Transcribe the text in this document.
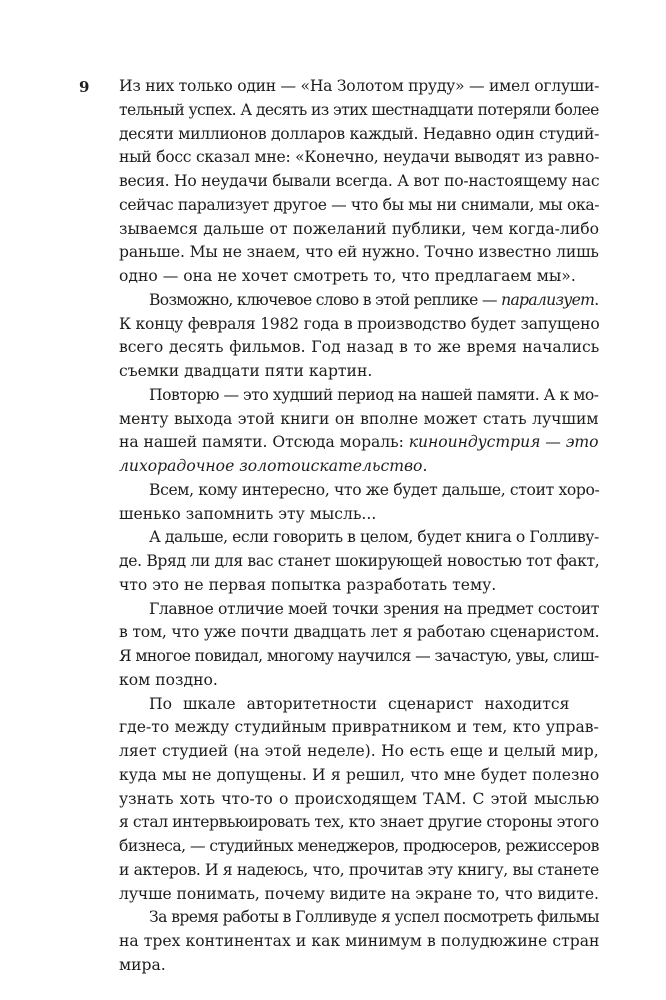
9 Из них только один — «На Золотом пруду» — имел оглуши-
тельный успех. А десять из этих шестнадцати потеряли более
десяти миллионов долларов каждый. Недавно один студий-
ный босс сказал мне: «Конечно, неудачи выводят из равно-
весия. Но неудачи бывали всегда. А вот по-настоящему нас
сейчас парализует другое — что бы мы ни снимали, мы ока-
зываемся дальше от пожеланий публики, чем когда-либо
раньше. Мы не знаем, что ей нужно. Точно известно лишь
одно — она не хочет смотреть то, что предлагаем мы».
Возможно, ключевое слово в этой реплике — парализует.
К концу февраля 1982 года в производство будет запущено
всего десять фильмов. Год назад в то же время начались
съемки двадцати пяти картин.
Повторю — это худший период на нашей памяти. А к мо-
менту выхода этой книги он вполне может стать лучшим
на нашей памяти. Отсюда мораль: киноиндустрия — это
лихорадочное золотоискательство.
Всем, кому интересно, что же будет дальше, стоит хоро-
шенько запомнить эту мысль...
А дальше, если говорить в целом, будет книга о Голливу-
де. Вряд ли для вас станет шокирующей новостью тот факт,
что это не первая попытка разработать тему.
Главное отличие моей точки зрения на предмет состоит
в том, что уже почти двадцать лет я работаю сценаристом.
Я многое повидал, многому научился — зачастую, увы, слиш-
ком поздно.
По шкале авторитетности сценарист находится
где-то между студийным привратником и тем, кто управ-
ляет студией (на этой неделе). Но есть еще и целый мир,
куда мы не допущены. И я решил, что мне будет полезно
узнать хоть что-то о происходящем ТАМ. С этой мыслью
я стал интервьюировать тех, кто знает другие стороны этого
бизнеса, — студийных менеджеров, продюсеров, режиссеров
и актеров. И я надеюсь, что, прочитав эту книгу, вы станете
лучше понимать, почему видите на экране то, что видите.
За время работы в Голливуде я успел посмотреть фильмы
на трех континентах и как минимум в полудюжине стран
мира.
